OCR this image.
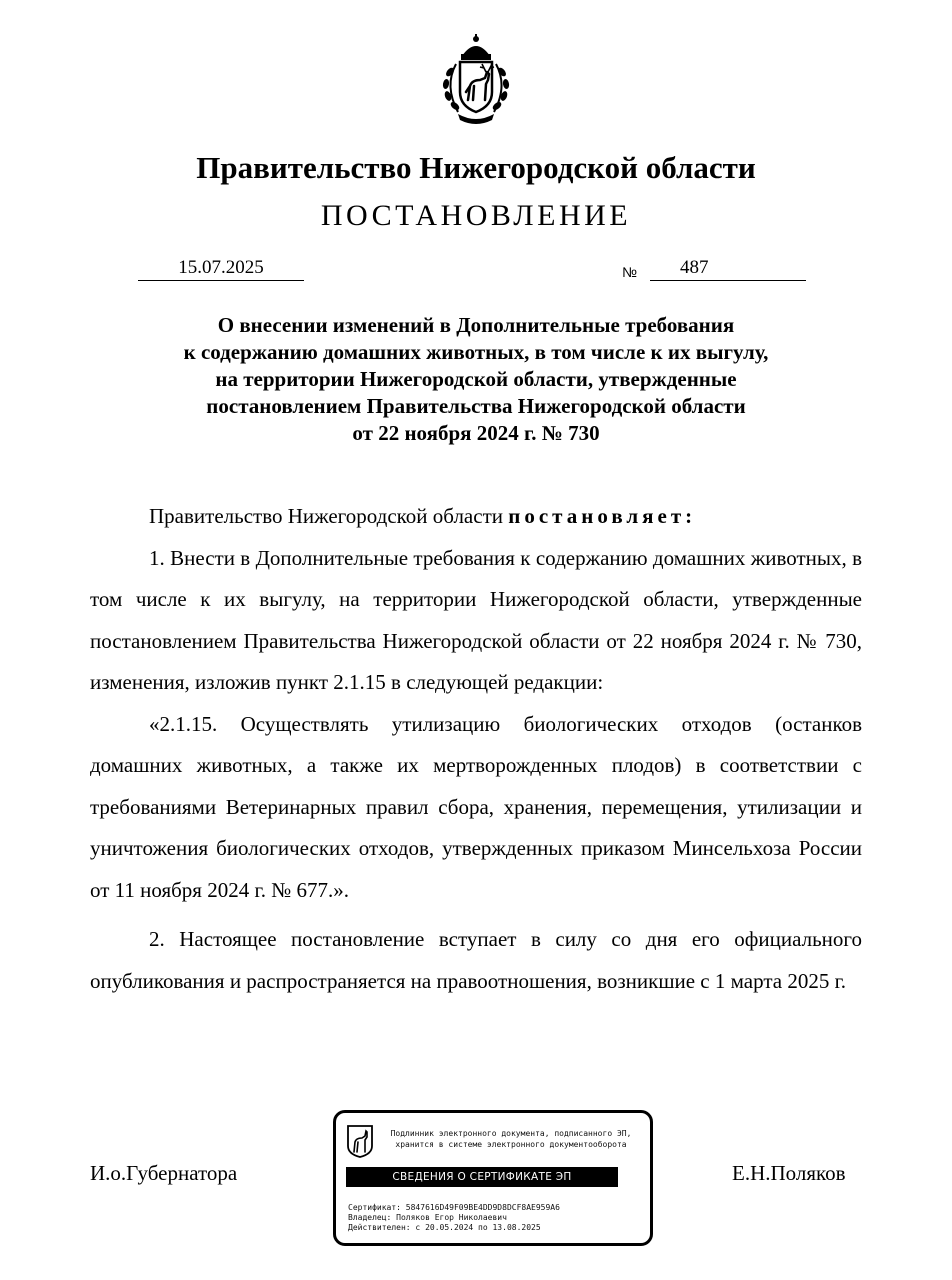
Правительство Нижегородской области
ПОСТАНОВЛЕНИЕ
15.07.2025	№ 487
О внесении изменений в Дополнительные требования
к содержанию домашних животных, в том числе к их выгулу,
на территории Нижегородской области, утвержденные
постановлением Правительства Нижегородской области
от 22 ноября 2024 г. № 730

Правительство Нижегородской области постановляет:

1. Внести в Дополнительные требования к содержанию домашних животных, в том числе к их выгулу, на территории Нижегородской области, утвержденные постановлением Правительства Нижегородской области от 22 ноября 2024 г. № 730, изменения, изложив пункт 2.1.15 в следующей редакции:

«2.1.15. Осуществлять утилизацию биологических отходов (останков домашних животных, а также их мертворожденных плодов) в соответствии с требованиями Ветеринарных правил сбора, хранения, перемещения, утилизации и уничтожения биологических отходов, утвержденных приказом Минсельхоза России от 11 ноября 2024 г. № 677.».

2. Настоящее постановление вступает в силу со дня его официального опубликования и распространяется на правоотношения, возникшие с 1 марта 2025 г.

И.о.Губернатора	Е.Н.Поляков
Подлинник электронного документа, подписанного ЭП,
хранится в системе электронного документооборота
СВЕДЕНИЯ О СЕРТИФИКАТЕ ЭП
Сертификат: 5847616D49F09BE4DD9D8DCF8AE959A6
Владелец: Поляков Егор Николаевич
Действителен: с 20.05.2024 по 13.08.2025
